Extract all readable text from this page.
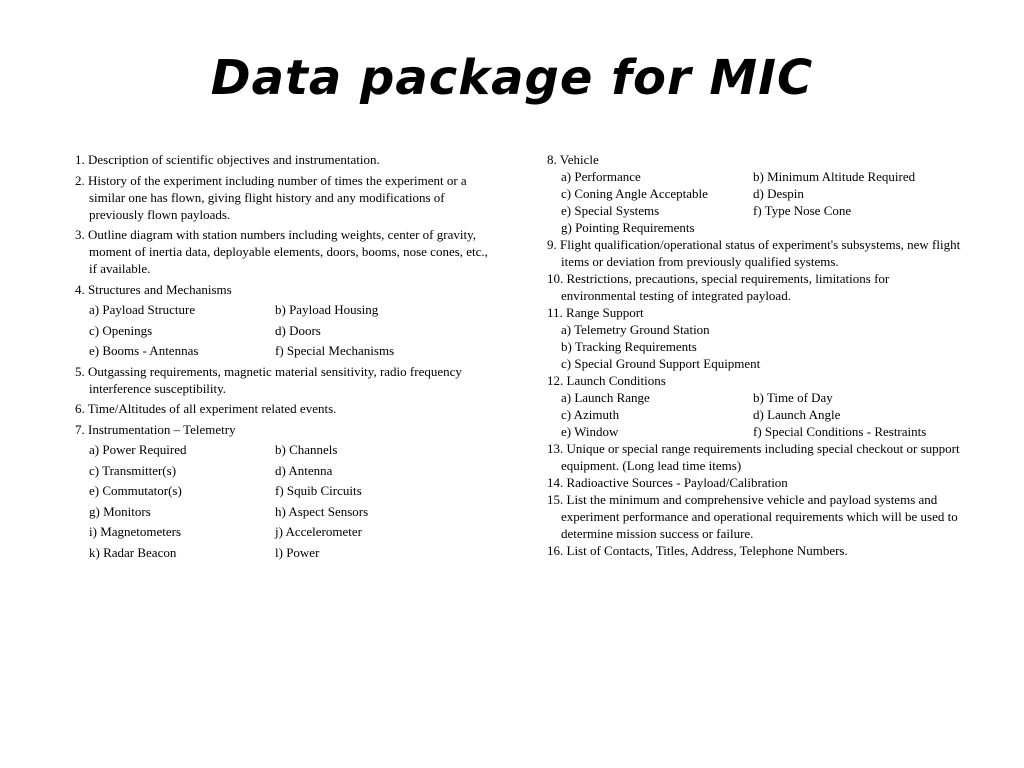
Data package for MIC
1. Description of scientific objectives and instrumentation.
2. History of the experiment including number of times the experiment or a similar one has flown, giving flight history and any modifications of previously flown payloads.
3. Outline diagram with station numbers including weights, center of gravity, moment of inertia data, deployable elements, doors, booms, nose cones, etc., if available.
4. Structures and Mechanisms
a) Payload Structure	b) Payload Housing
c) Openings	d) Doors
e) Booms - Antennas	f) Special Mechanisms
5. Outgassing requirements, magnetic material sensitivity, radio frequency interference susceptibility.
6. Time/Altitudes of all experiment related events.
7. Instrumentation – Telemetry
a) Power Required	b) Channels
c) Transmitter(s)	d) Antenna
e) Commutator(s)	f) Squib Circuits
g) Monitors	h) Aspect Sensors
i) Magnetometers	j) Accelerometer
k) Radar Beacon	l) Power
8. Vehicle
a) Performance	b) Minimum Altitude Required
c) Coning Angle Acceptable	d) Despin
e) Special Systems	f) Type Nose Cone
g) Pointing Requirements
9. Flight qualification/operational status of experiment's subsystems, new flight items or deviation from previously qualified systems.
10. Restrictions, precautions, special requirements, limitations for environmental testing of integrated payload.
11. Range Support
a) Telemetry Ground Station
b) Tracking Requirements
c) Special Ground Support Equipment
12. Launch Conditions
a) Launch Range	b) Time of Day
c) Azimuth	d) Launch Angle
e) Window	f) Special Conditions - Restraints
13. Unique or special range requirements including special checkout or support equipment. (Long lead time items)
14. Radioactive Sources - Payload/Calibration
15. List the minimum and comprehensive vehicle and payload systems and experiment performance and operational requirements which will be used to determine mission success or failure.
16. List of Contacts, Titles, Address, Telephone Numbers.
